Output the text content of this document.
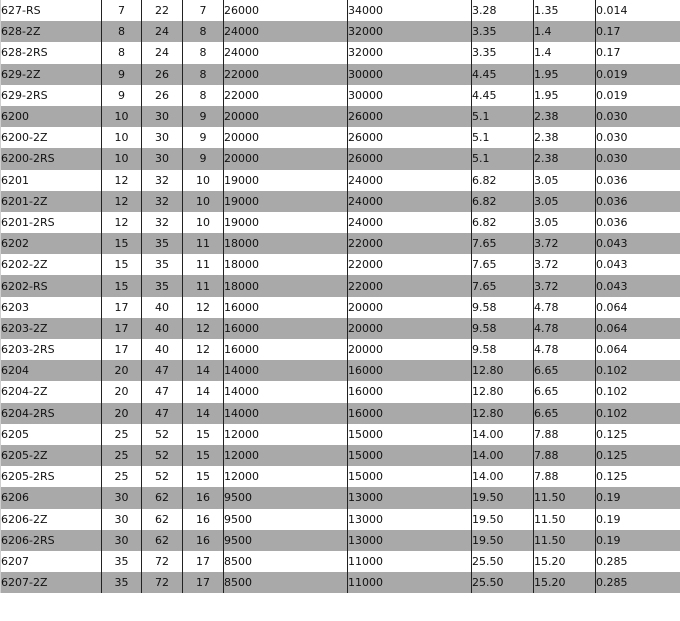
627-RS	7	22	7	26000	34000	3.28	1.35	0.014
628-2Z	8	24	8	24000	32000	3.35	1.4	0.17
628-2RS	8	24	8	24000	32000	3.35	1.4	0.17
629-2Z	9	26	8	22000	30000	4.45	1.95	0.019
629-2RS	9	26	8	22000	30000	4.45	1.95	0.019
6200	10	30	9	20000	26000	5.1	2.38	0.030
6200-2Z	10	30	9	20000	26000	5.1	2.38	0.030
6200-2RS	10	30	9	20000	26000	5.1	2.38	0.030
6201	12	32	10	19000	24000	6.82	3.05	0.036
6201-2Z	12	32	10	19000	24000	6.82	3.05	0.036
6201-2RS	12	32	10	19000	24000	6.82	3.05	0.036
6202	15	35	11	18000	22000	7.65	3.72	0.043
6202-2Z	15	35	11	18000	22000	7.65	3.72	0.043
6202-RS	15	35	11	18000	22000	7.65	3.72	0.043
6203	17	40	12	16000	20000	9.58	4.78	0.064
6203-2Z	17	40	12	16000	20000	9.58	4.78	0.064
6203-2RS	17	40	12	16000	20000	9.58	4.78	0.064
6204	20	47	14	14000	16000	12.80	6.65	0.102
6204-2Z	20	47	14	14000	16000	12.80	6.65	0.102
6204-2RS	20	47	14	14000	16000	12.80	6.65	0.102
6205	25	52	15	12000	15000	14.00	7.88	0.125
6205-2Z	25	52	15	12000	15000	14.00	7.88	0.125
6205-2RS	25	52	15	12000	15000	14.00	7.88	0.125
6206	30	62	16	9500	13000	19.50	11.50	0.19
6206-2Z	30	62	16	9500	13000	19.50	11.50	0.19
6206-2RS	30	62	16	9500	13000	19.50	11.50	0.19
6207	35	72	17	8500	11000	25.50	15.20	0.285
6207-2Z	35	72	17	8500	11000	25.50	15.20	0.285
